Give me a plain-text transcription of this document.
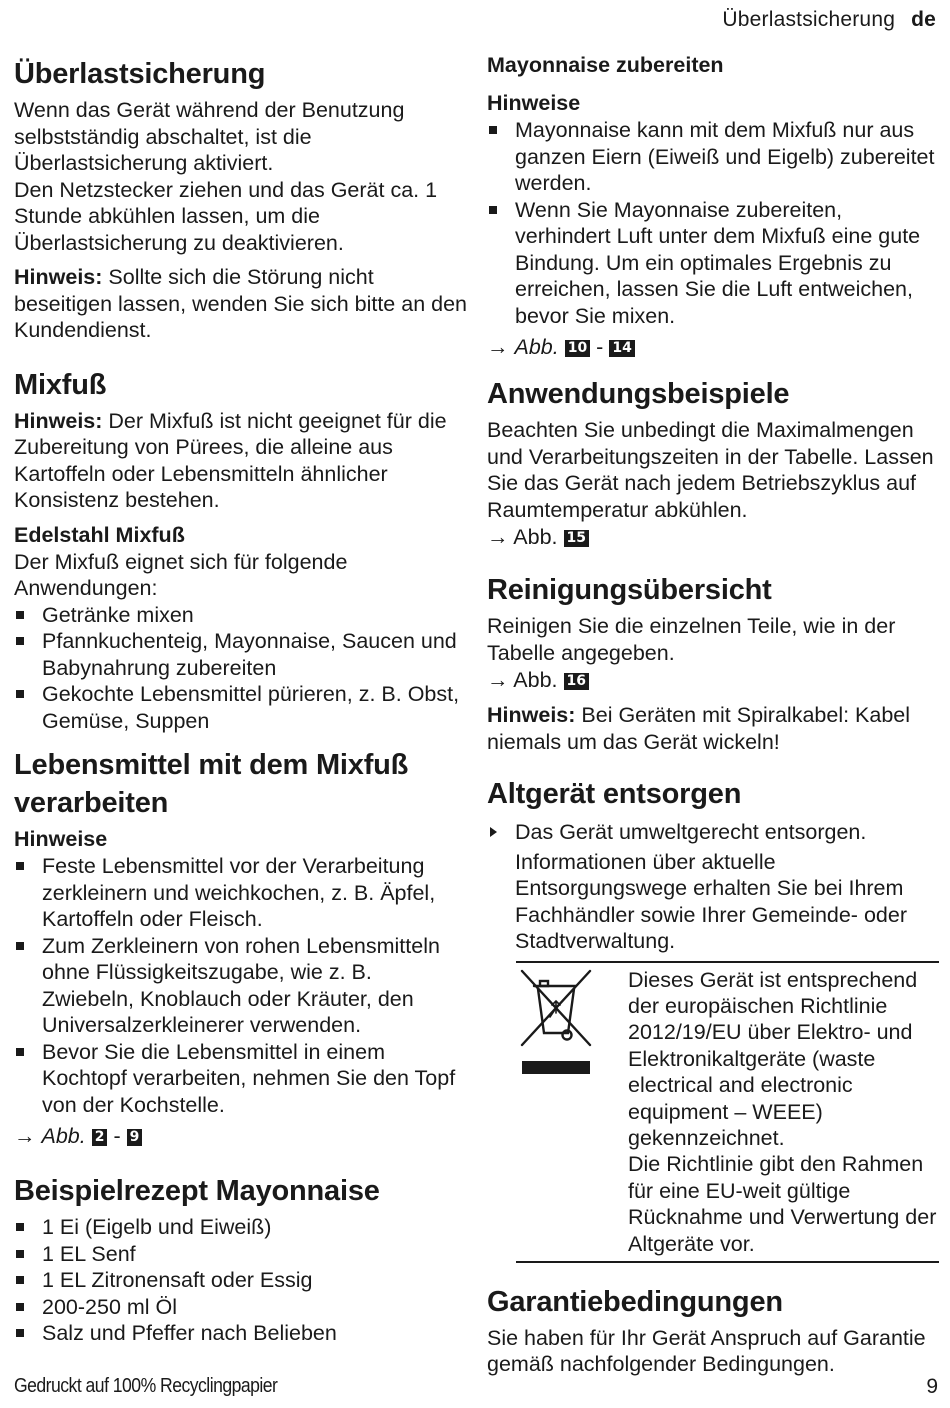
Überlastsicherung de
Überlastsicherung

Wenn das Gerät während der Benutzung selbstständig abschaltet, ist die Überlastsicherung aktiviert.

Den Netzstecker ziehen und das Gerät ca. 1 Stunde abkühlen lassen, um die Überlastsicherung zu deaktivieren.

Hinweis: Sollte sich die Störung nicht beseitigen lassen, wenden Sie sich bitte an den Kundendienst.

Mixfuß

Hinweis: Der Mixfuß ist nicht geeignet für die Zubereitung von Pürees, die alleine aus Kartoffeln oder Lebensmitteln ähnlicher Konsistenz bestehen.

Edelstahl Mixfuß

Der Mixfuß eignet sich für folgende Anwendungen:

Getränke mixen
Pfannkuchenteig, Mayonnaise, Saucen und Babynahrung zubereiten
Gekochte Lebensmittel pürieren, z. B. Obst, Gemüse, Suppen
Lebensmittel mit dem Mixfuß
verarbeiten
Hinweise
Feste Lebensmittel vor der Verarbeitung zerkleinern und weichkochen, z. B. Äpfel, Kartoffeln oder Fleisch.
Zum Zerkleinern von rohen Lebensmitteln ohne Flüssigkeitszugabe, wie z. B. Zwiebeln, Knoblauch oder Kräuter, den Universalzerkleinerer verwenden.
Bevor Sie die Lebensmittel in einem Kochtopf verarbeiten, nehmen Sie den Topf von der Kochstelle.
→ Abb. 2 - 9
Beispielrezept Mayonnaise
1 Ei (Eigelb und Eiweiß)
1 EL Senf
1 EL Zitronensaft oder Essig
200-250 ml Öl
Salz und Pfeffer nach Belieben
Mayonnaise zubereiten
Hinweise
Mayonnaise kann mit dem Mixfuß nur aus ganzen Eiern (Eiweiß und Eigelb) zubereitet werden.
Wenn Sie Mayonnaise zubereiten, verhindert Luft unter dem Mixfuß eine gute Bindung. Um ein optimales Ergebnis zu erreichen, lassen Sie die Luft entweichen, bevor Sie mixen.
→ Abb. 10 - 14
Anwendungsbeispiele

Beachten Sie unbedingt die Maximalmengen und Verarbeitungszeiten in der Tabelle. Lassen Sie das Gerät nach jedem Betriebszyklus auf Raumtemperatur abkühlen.

→ Abb. 15
Reinigungsübersicht

Reinigen Sie die einzelnen Teile, wie in der Tabelle angegeben.

→ Abb. 16

Hinweis: Bei Geräten mit Spiralkabel: Kabel niemals um das Gerät wickeln!

Altgerät entsorgen
Das Gerät umweltgerecht entsorgen.

Informationen über aktuelle Entsorgungswege erhalten Sie bei Ihrem Fachhändler sowie Ihrer Gemeinde- oder Stadtverwaltung.

Dieses Gerät ist entsprechend der europäischen Richtlinie 2012/19/EU über Elektro- und Elektronikaltgeräte (waste electrical and electronic equipment – WEEE) gekennzeichnet.

Die Richtlinie gibt den Rahmen für eine EU-weit gültige Rücknahme und Verwertung der Altgeräte vor.

Garantiebedingungen

Sie haben für Ihr Gerät Anspruch auf Garantie gemäß nachfolgender Bedingungen.

Gedruckt auf 100% Recyclingpapier	9
